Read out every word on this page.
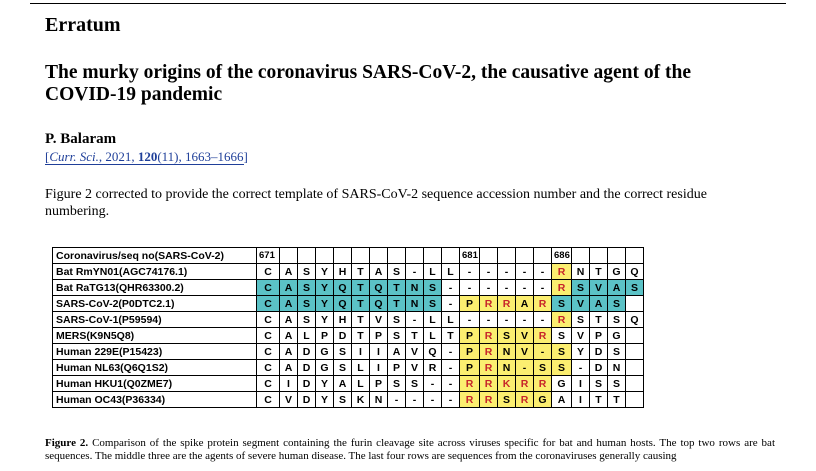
Erratum
The murky origins of the coronavirus SARS-CoV-2, the causative agent of the COVID-19 pandemic
P. Balaram
[Curr. Sci., 2021, 120(11), 1663–1666]
Figure 2 corrected to provide the correct template of SARS-CoV-2 sequence accession number and the correct residue numbering.
Coronavirus/seq no(SARS-CoV-2)	671											681					686				
Bat RmYN01(AGC74176.1)	C	A	S	Y	H	T	A	S	-	L	L	-	-	-	-	-	R	N	T	G	Q
Bat RaTG13(QHR63300.2)	C	A	S	Y	Q	T	Q	T	N	S	-	-	-	-	-	-	R	S	V	A	S
SARS-CoV-2(P0DTC2.1)	C	A	S	Y	Q	T	Q	T	N	S	-	P	R	R	A	R	S	V	A	S	
SARS-CoV-1(P59594)	C	A	S	Y	H	T	V	S	-	L	L	-	-	-	-	-	R	S	T	S	Q
MERS(K9N5Q8)	C	A	L	P	D	T	P	S	T	L	T	P	R	S	V	R	S	V	P	G	
Human 229E(P15423)	C	A	D	G	S	I	I	A	V	Q	-	P	R	N	V	-	S	Y	D	S	
Human NL63(Q6Q1S2)	C	A	D	G	S	L	I	P	V	R	-	P	R	N	-	S	S	-	D	N	
Human HKU1(Q0ZME7)	C	I	D	Y	A	L	P	S	S	-	-	R	R	K	R	R	G	I	S	S	
Human OC43(P36334)	C	V	D	Y	S	K	N	-	-	-	-	R	R	S	R	G	A	I	T	T	
Figure 2. Comparison of the spike protein segment containing the furin cleavage site across viruses specific for bat and human hosts. The top two rows are bat sequences. The middle three are the agents of severe human disease. The last four rows are sequences from the coronaviruses generally causing
